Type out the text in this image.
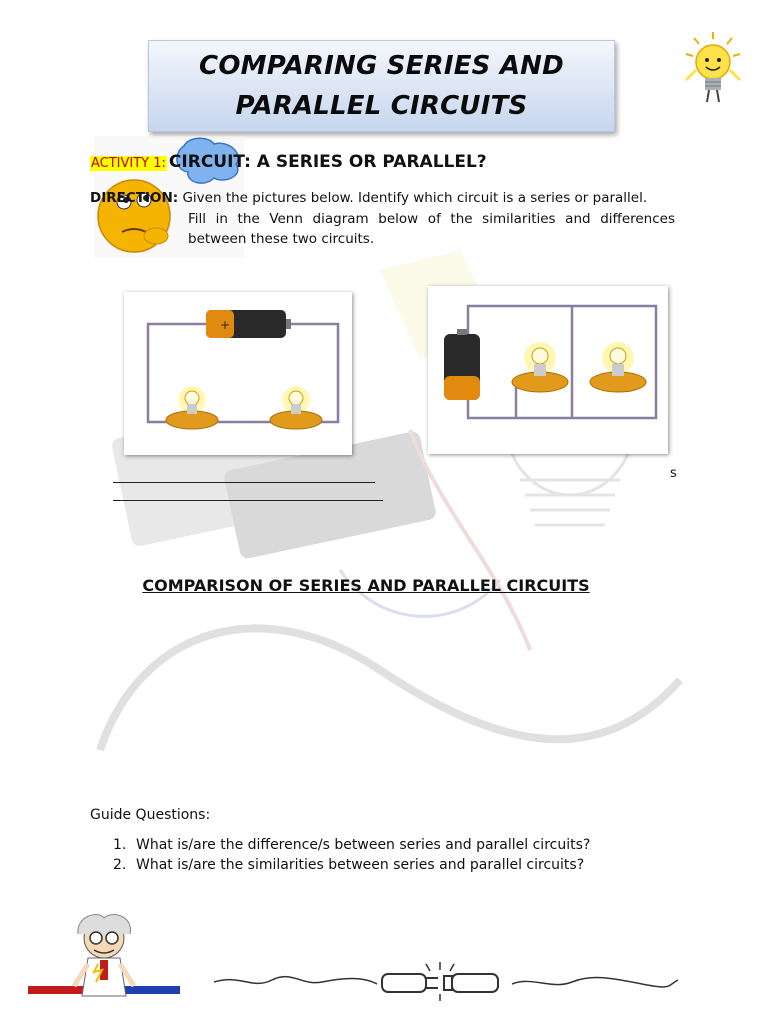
COMPARING SERIES AND
PARALLEL CIRCUITS
ACTIVITY 1: CIRCUIT: A SERIES OR PARALLEL?
DIRECTION: Given the pictures below. Identify which circuit is a series or parallel.
Fill in the Venn diagram below of the similarities and differences between these two circuits.
+
s
COMPARISON OF SERIES AND PARALLEL CIRCUITS
Guide Questions:
1. What is/are the difference/s between series and parallel circuits?
2. What is/are the similarities between series and parallel circuits?
